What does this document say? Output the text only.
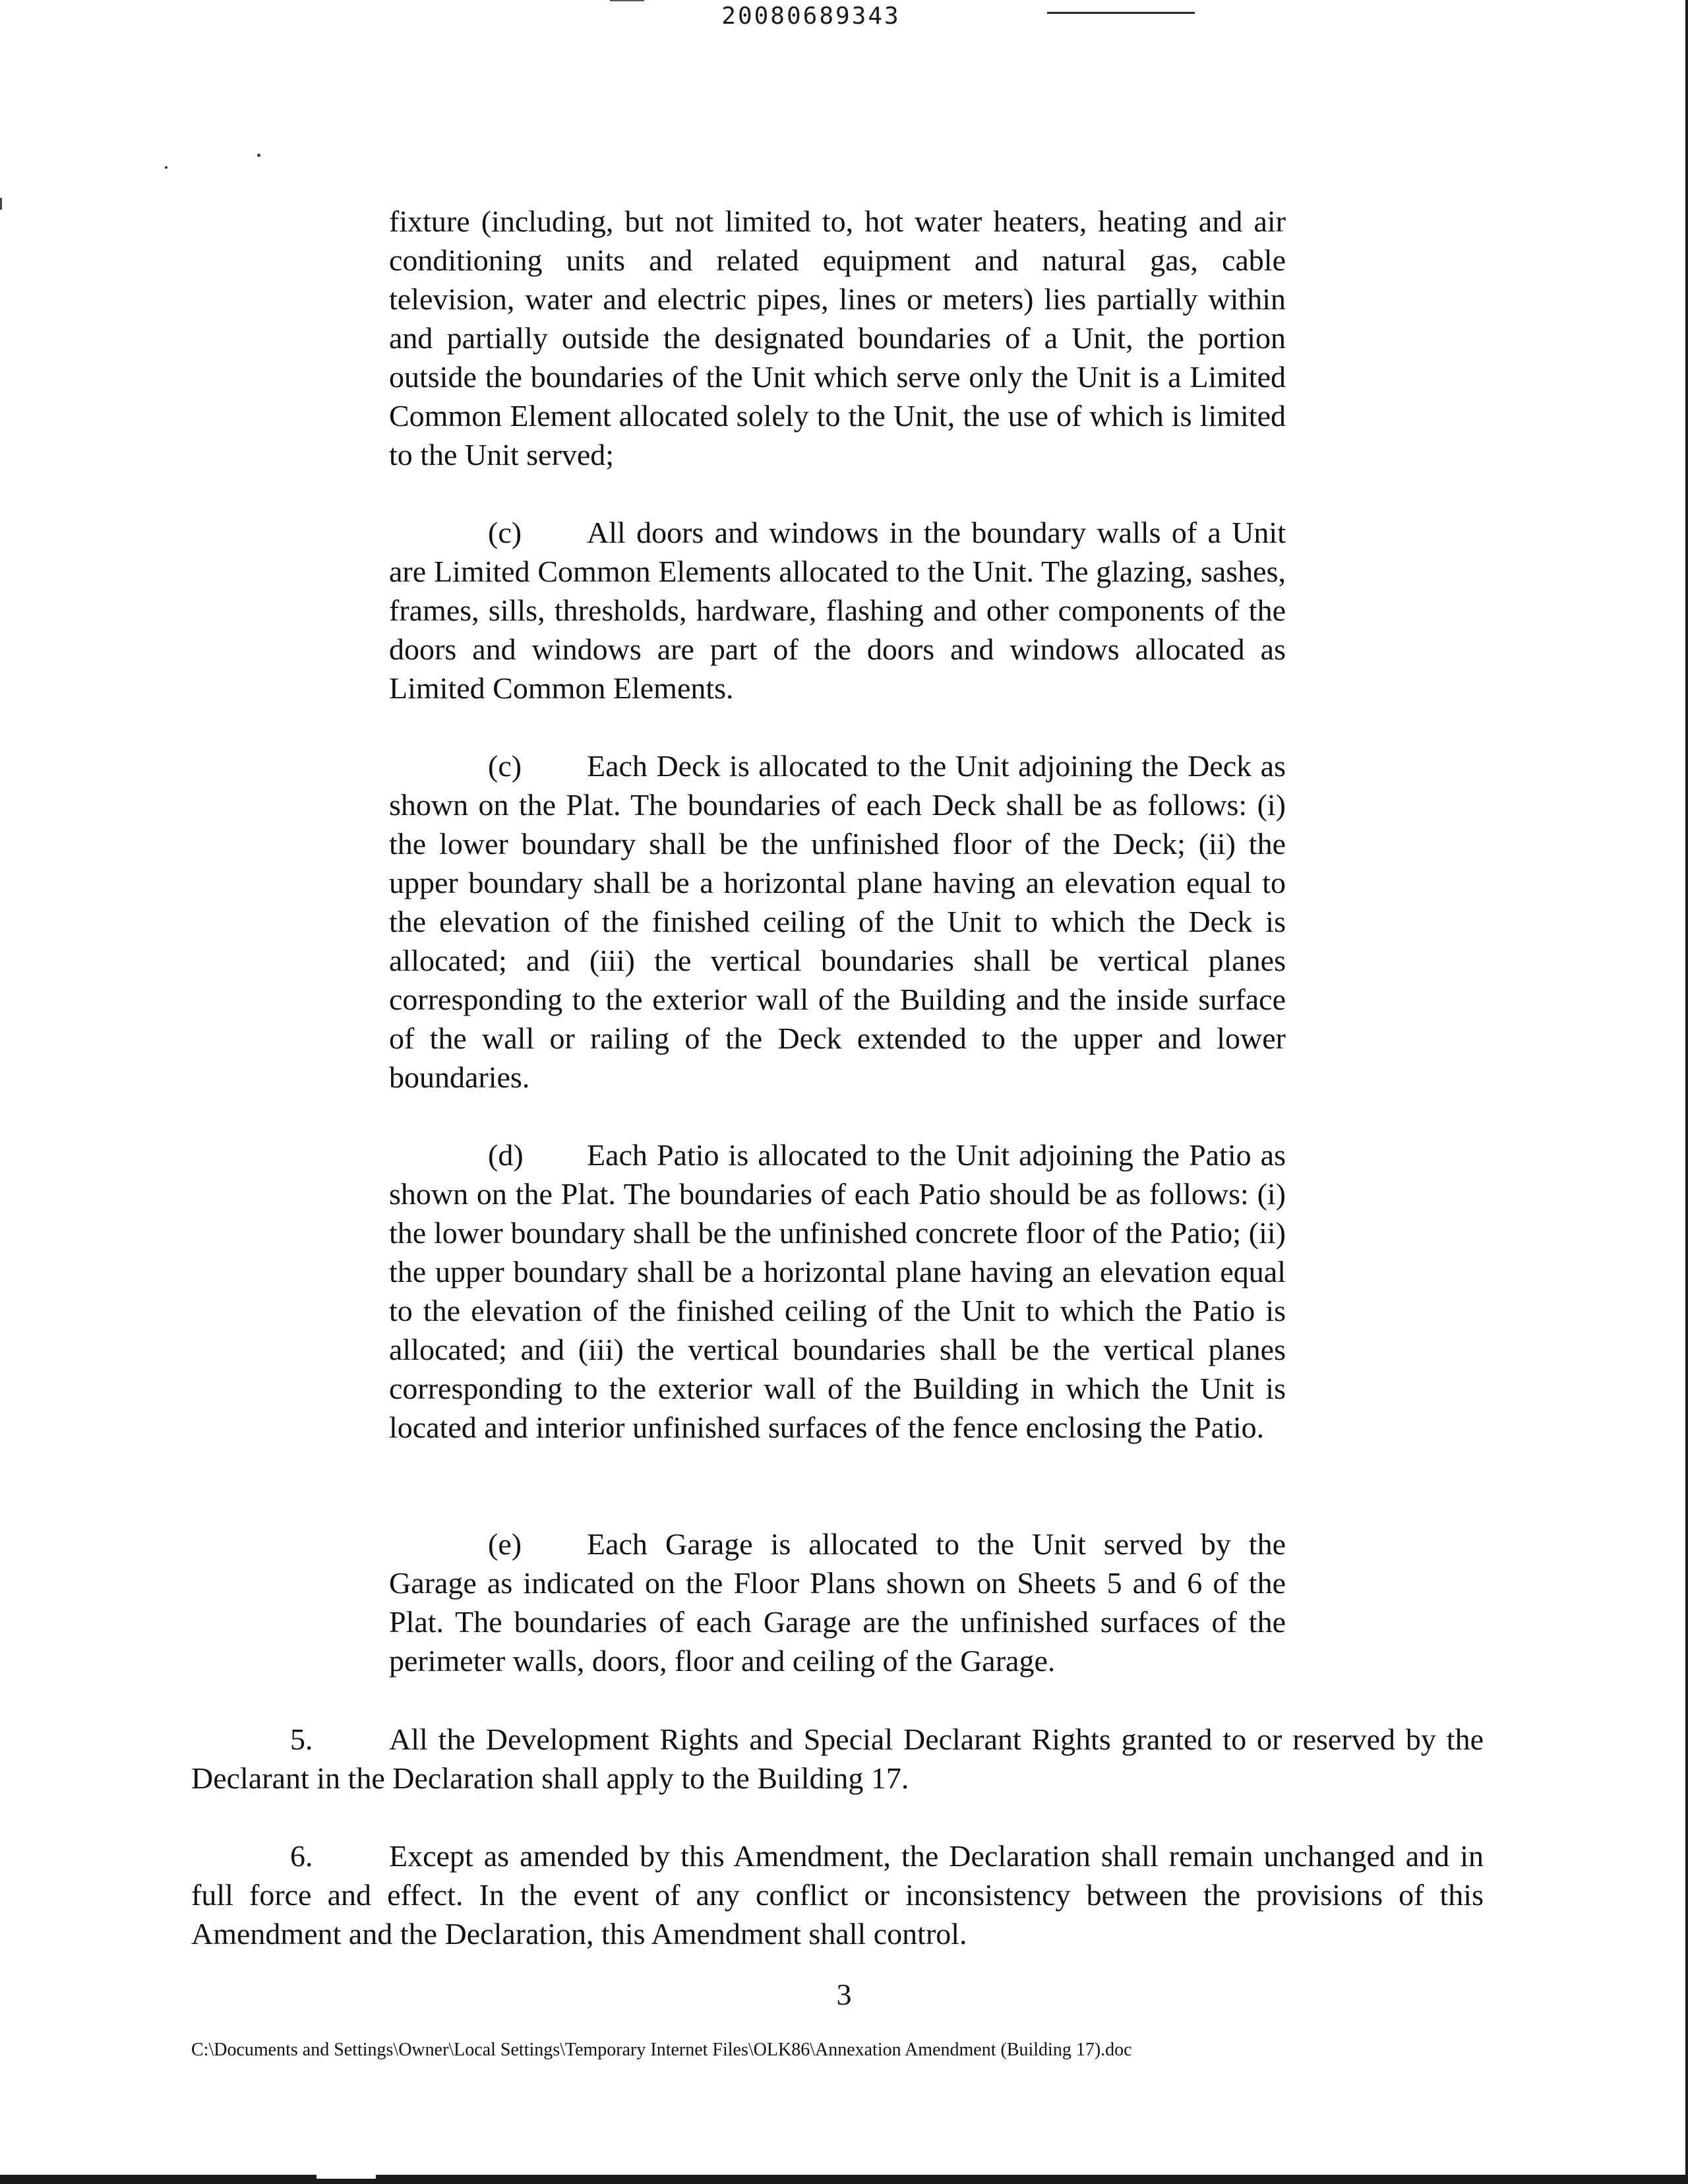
20080689343

fixture (including, but not limited to, hot water heaters, heating and air conditioning units and related equipment and natural gas, cable television, water and electric pipes, lines or meters) lies partially within and partially outside the designated boundaries of a Unit, the portion outside the boundaries of the Unit which serve only the Unit is a Limited Common Element allocated solely to the Unit, the use of which is limited to the Unit served;

(c) All doors and windows in the boundary walls of a Unit are Limited Common Elements allocated to the Unit. The glazing, sashes, frames, sills, thresholds, hardware, flashing and other components of the doors and windows are part of the doors and windows allocated as Limited Common Elements.

(c) Each Deck is allocated to the Unit adjoining the Deck as shown on the Plat. The boundaries of each Deck shall be as follows: (i) the lower boundary shall be the unfinished floor of the Deck; (ii) the upper boundary shall be a horizontal plane having an elevation equal to the elevation of the finished ceiling of the Unit to which the Deck is allocated; and (iii) the vertical boundaries shall be vertical planes corresponding to the exterior wall of the Building and the inside surface of the wall or railing of the Deck extended to the upper and lower boundaries.

(d) Each Patio is allocated to the Unit adjoining the Patio as shown on the Plat. The boundaries of each Patio should be as follows: (i) the lower boundary shall be the unfinished concrete floor of the Patio; (ii) the upper boundary shall be a horizontal plane having an elevation equal to the elevation of the finished ceiling of the Unit to which the Patio is allocated; and (iii) the vertical boundaries shall be the vertical planes corresponding to the exterior wall of the Building in which the Unit is located and interior unfinished surfaces of the fence enclosing the Patio.

(e) Each Garage is allocated to the Unit served by the Garage as indicated on the Floor Plans shown on Sheets 5 and 6 of the Plat. The boundaries of each Garage are the unfinished surfaces of the perimeter walls, doors, floor and ceiling of the Garage.

5.	All the Development Rights and Special Declarant Rights granted to or reserved by the Declarant in the Declaration shall apply to the Building 17.

6.	Except as amended by this Amendment, the Declaration shall remain unchanged and in full force and effect. In the event of any conflict or inconsistency between the provisions of this Amendment and the Declaration, this Amendment shall control.

3
C:\Documents and Settings\Owner\Local Settings\Temporary Internet Files\OLK86\Annexation Amendment (Building 17).doc
